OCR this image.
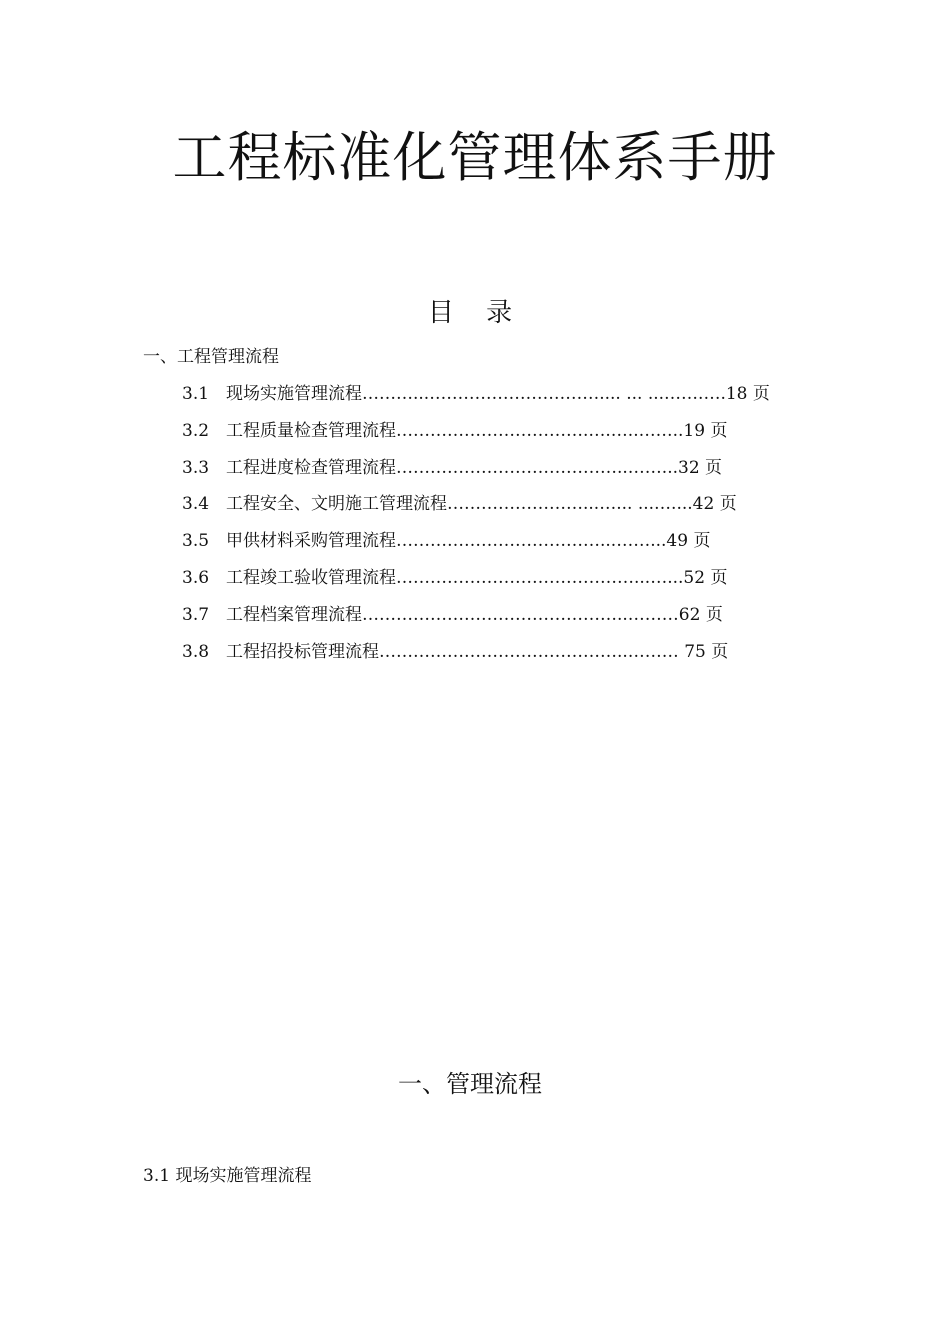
工程标准化管理体系手册
目 录
一、工程管理流程
3.1 现场实施管理流程………...………………………….... ... ...…….….18 页
3.2 工程质量检查管理流程…………………………….….…..……..19 页
3.3 工程进度检查管理流程…………………………………..……...32 页
3.4 工程安全、文明施工管理流程……………………...…... ...…....42 页
3.5 甲供材料采购管理流程………………………………...……...49 页
3.6 工程竣工验收管理流程……………………………………...…...52 页
3.7 工程档案管理流程………………………………………..………62 页
3.8 工程招投标管理流程……………………………………..……… 75 页
一、管理流程
3.1 现场实施管理流程
